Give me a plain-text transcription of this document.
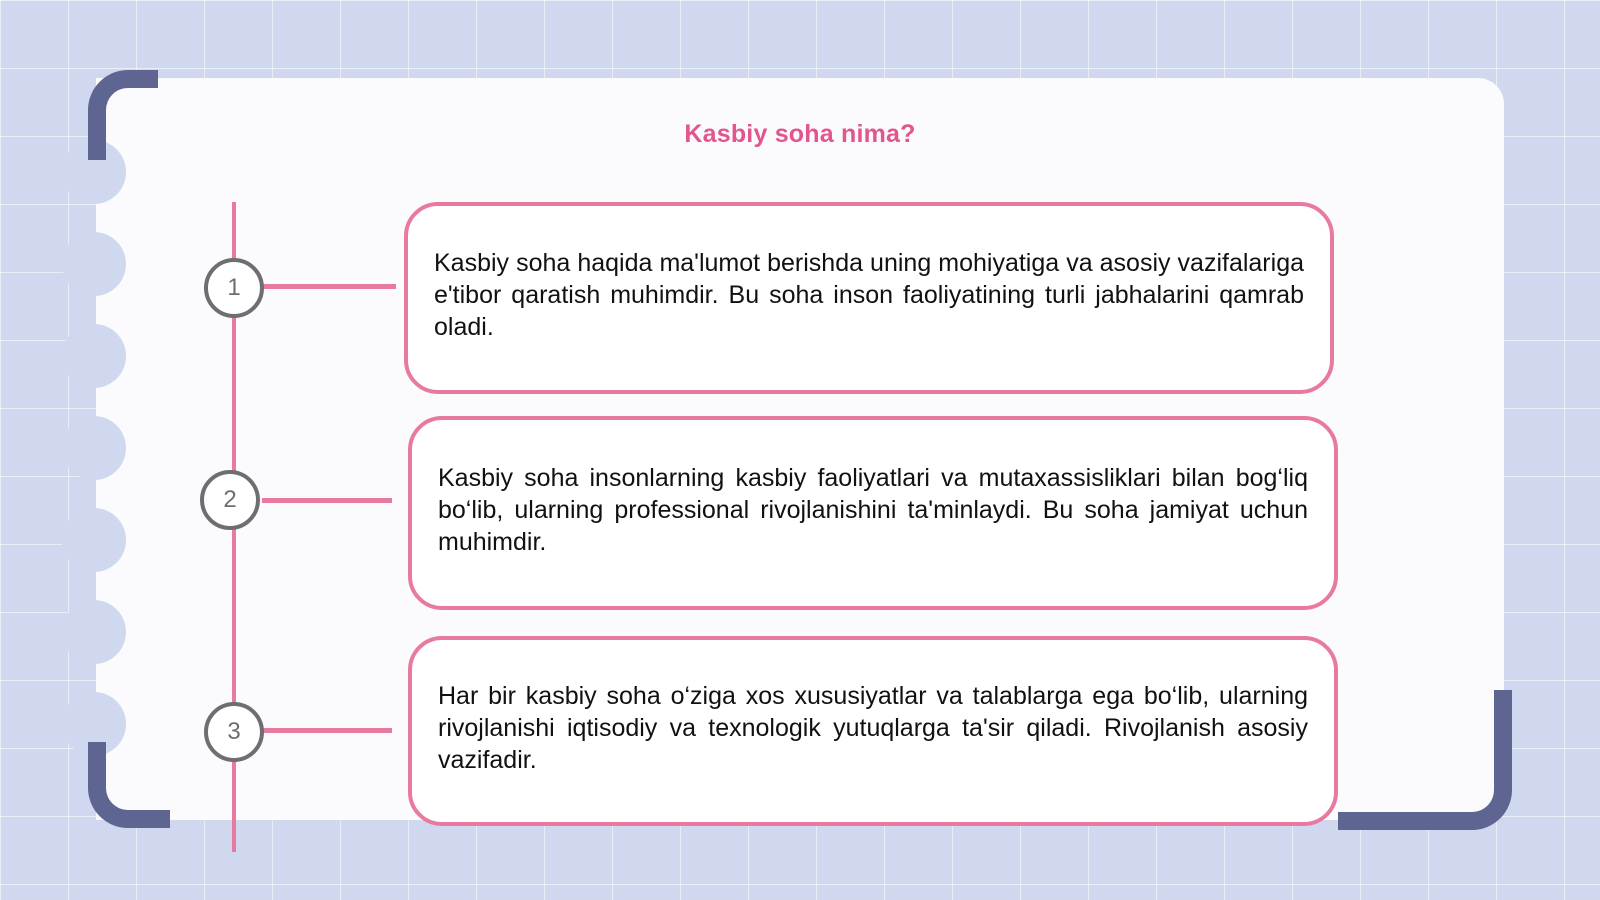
Kasbiy soha nima?
1

Kasbiy soha haqida ma'lumot berishda uning mohiyatiga va asosiy vazifalariga e'tibor qaratish muhimdir. Bu soha inson faoliyatining turli jabhalarini qamrab oladi.

2

Kasbiy soha insonlarning kasbiy faoliyatlari va mutaxassisliklari bilan bog‘liq bo‘lib, ularning professional rivojlanishini ta'minlaydi. Bu soha jamiyat uchun muhimdir.

3

Har bir kasbiy soha o‘ziga xos xususiyatlar va talablarga ega bo‘lib, ularning rivojlanishi iqtisodiy va texnologik yutuqlarga ta'sir qiladi. Rivojlanish asosiy vazifadir.
